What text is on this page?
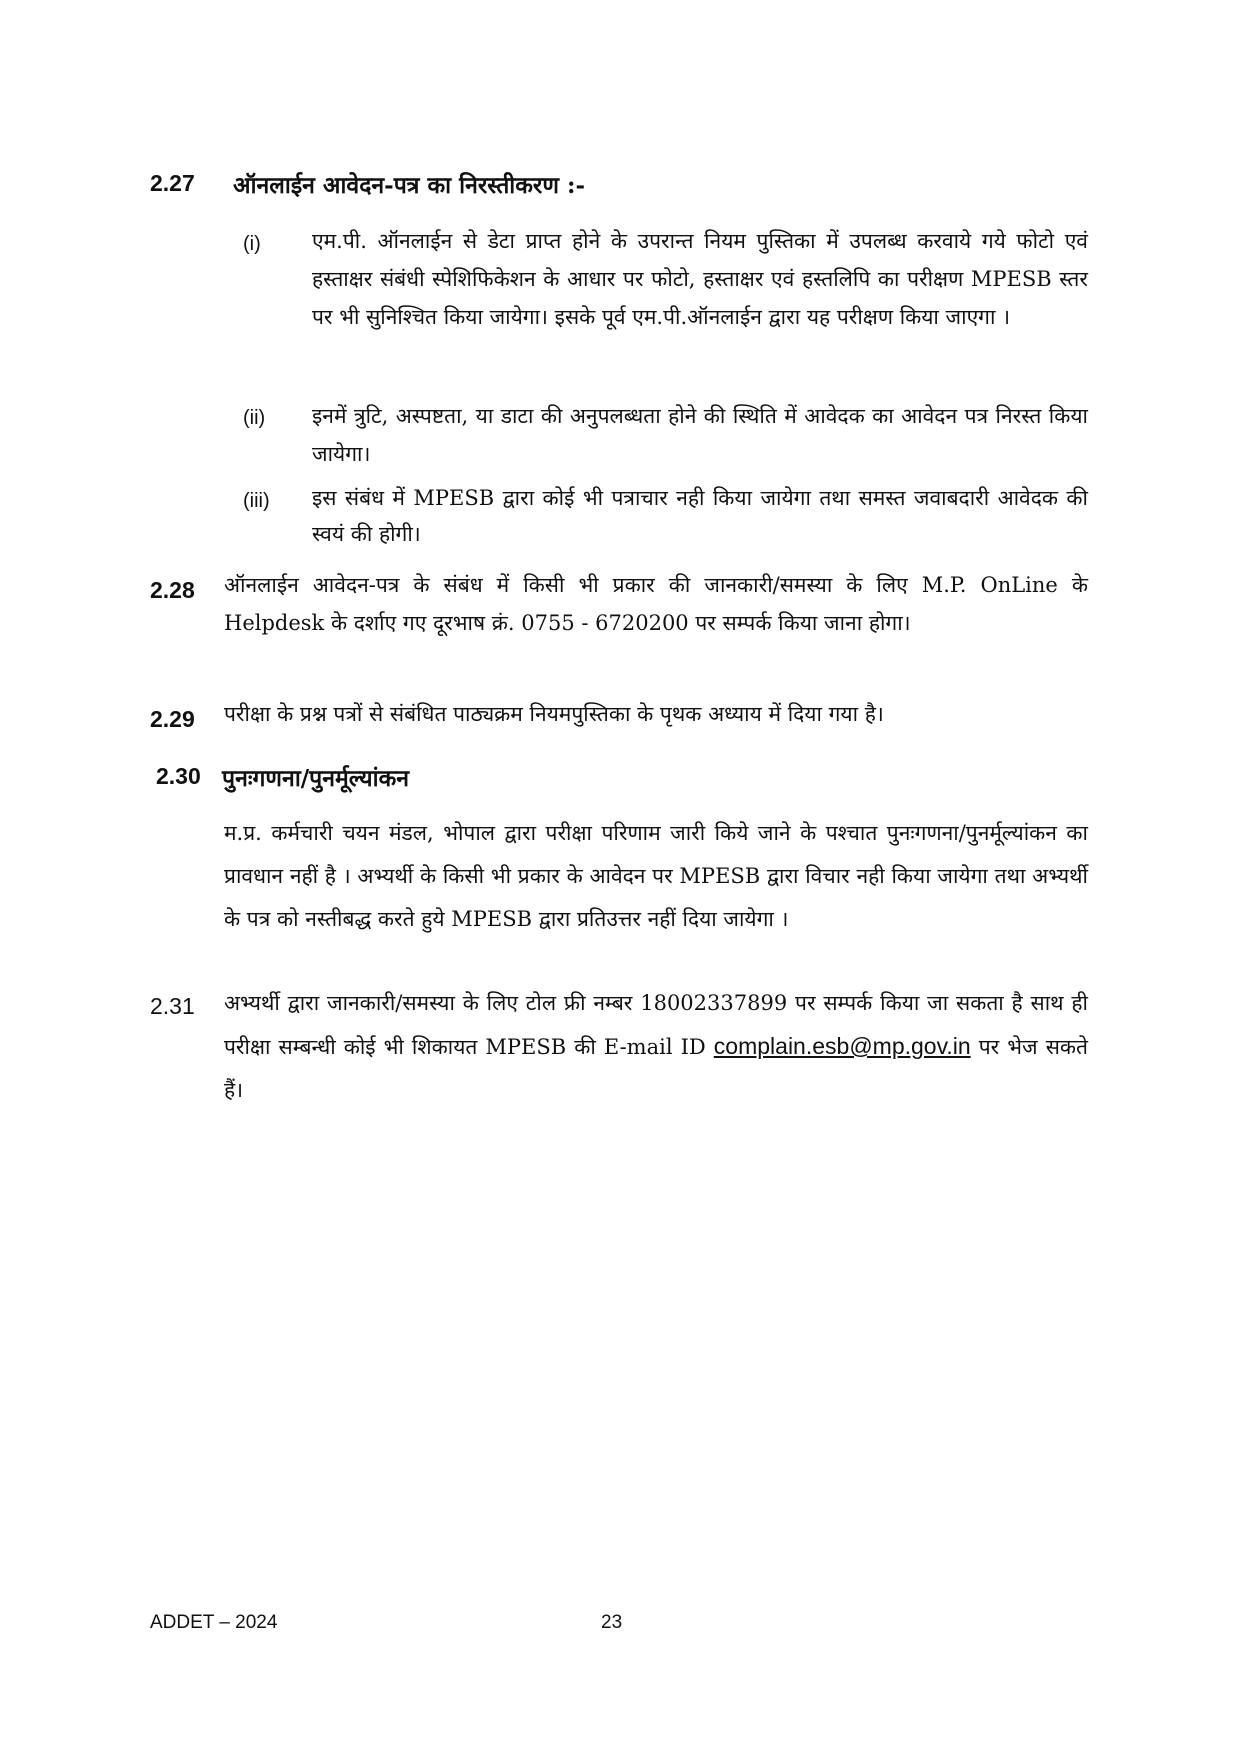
2.27 ऑनलाईन आवेदन-पत्र का निरस्तीकरण :-
(i) एम.पी. ऑनलाईन से डेटा प्राप्त होने के उपरान्त नियम पुस्तिका में उपलब्ध करवाये गये फोटो एवं हस्ताक्षर संबंधी स्पेशिफिकेशन के आधार पर फोटो, हस्ताक्षर एवं हस्तलिपि का परीक्षण MPESB स्तर पर भी सुनिश्चित किया जायेगा। इसके पूर्व एम.पी.ऑनलाईन द्वारा यह परीक्षण किया जाएगा ।

(ii) इनमें त्रुटि, अस्पष्टता, या डाटा की अनुपलब्धता होने की स्थिति में आवेदक का आवेदन पत्र निरस्त किया जायेगा।

(iii) इस संबंध में MPESB द्वारा कोई भी पत्राचार नही किया जायेगा तथा समस्त जवाबदारी आवेदक की स्वयं की होगी।

2.28 ऑनलाईन आवेदन-पत्र के संबंध में किसी भी प्रकार की जानकारी/समस्या के लिए M.P. OnLine के Helpdesk के दर्शाए गए दूरभाष क्रं. 0755 - 6720200 पर सम्पर्क किया जाना होगा।

2.29 परीक्षा के प्रश्न पत्रों से संबंधित पाठ्यक्रम नियमपुस्तिका के पृथक अध्याय में दिया गया है।

2.30 पुनःगणना/पुनर्मूल्यांकन

म.प्र. कर्मचारी चयन मंडल, भोपाल द्वारा परीक्षा परिणाम जारी किये जाने के पश्चात पुनःगणना/पुनर्मूल्यांकन का प्रावधान नहीं है । अभ्यर्थी के किसी भी प्रकार के आवेदन पर MPESB द्वारा विचार नही किया जायेगा तथा अभ्यर्थी के पत्र को नस्तीबद्ध करते हुये MPESB द्वारा प्रतिउत्तर नहीं दिया जायेगा ।

2.31 अभ्यर्थी द्वारा जानकारी/समस्या के लिए टोल फ्री नम्बर 18002337899 पर सम्पर्क किया जा सकता है साथ ही परीक्षा सम्बन्धी कोई भी शिकायत MPESB की E-mail ID complain.esb@mp.gov.in पर भेज सकते हैं।

ADDET – 2024	23
